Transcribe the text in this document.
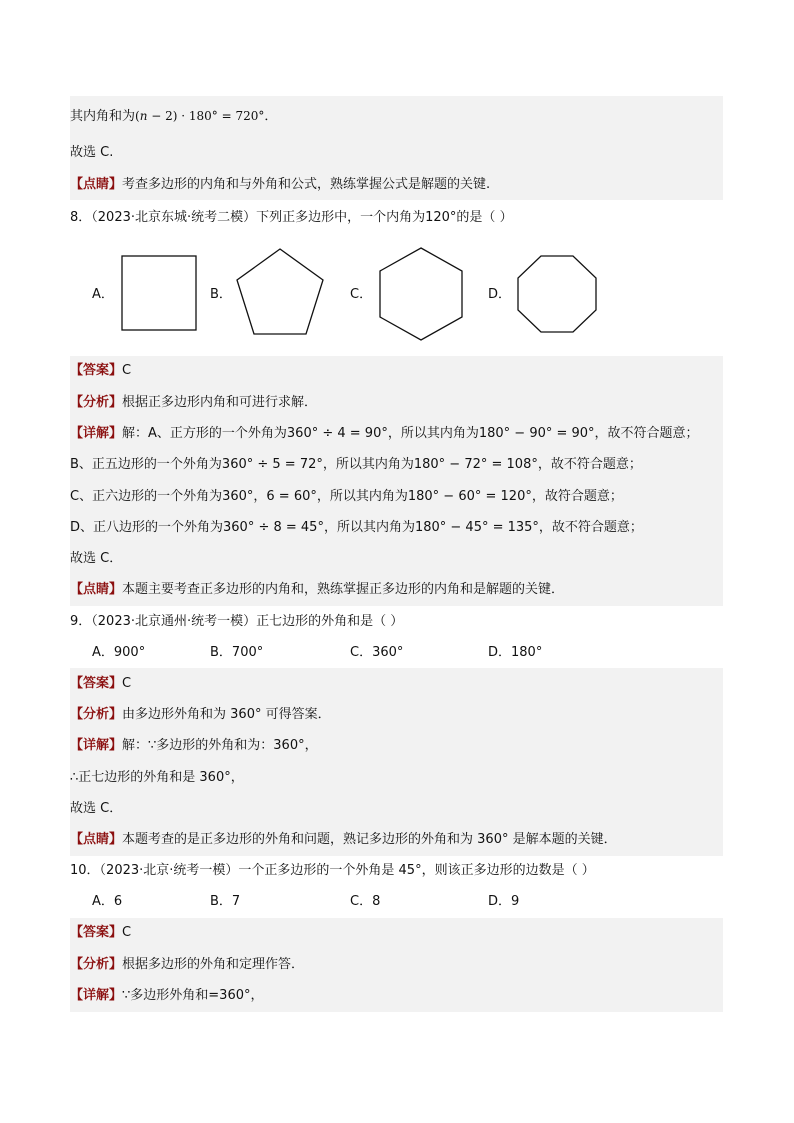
其内角和为(n − 2) · 180° = 720°．
故选 C.
【点睛】考查多边形的内角和与外角和公式，熟练掌握公式是解题的关键.
8．（2023·北京东城·统考二模）下列正多边形中，一个内角为120°的是（ ）
A．	B．	C．	D．
【答案】C
【分析】根据正多边形内角和可进行求解．
【详解】解：A、正方形的一个外角为360° ÷ 4 = 90°，所以其内角为180° − 90° = 90°，故不符合题意；
B、正五边形的一个外角为360° ÷ 5 = 72°，所以其内角为180° − 72° = 108°，故不符合题意；
C、正六边形的一个外角为360°，6 = 60°，所以其内角为180° − 60° = 120°，故符合题意；
D、正八边形的一个外角为360° ÷ 8 = 45°，所以其内角为180° − 45° = 135°，故不符合题意；
故选 C．
【点睛】本题主要考查正多边形的内角和，熟练掌握正多边形的内角和是解题的关键．
9．（2023·北京通州·统考一模）正七边形的外角和是（ ）
A．900°	B．700°	C．360°	D．180°
【答案】C
【分析】由多边形外角和为 360° 可得答案．
【详解】解：∵多边形的外角和为：360°，
∴正七边形的外角和是 360°，
故选 C．
【点睛】本题考查的是正多边形的外角和问题，熟记多边形的外角和为 360° 是解本题的关键．
10．（2023·北京·统考一模）一个正多边形的一个外角是 45°，则该正多边形的边数是（ ）
A．6	B．7	C．8	D．9
【答案】C
【分析】根据多边形的外角和定理作答．
【详解】∵多边形外角和=360°，
